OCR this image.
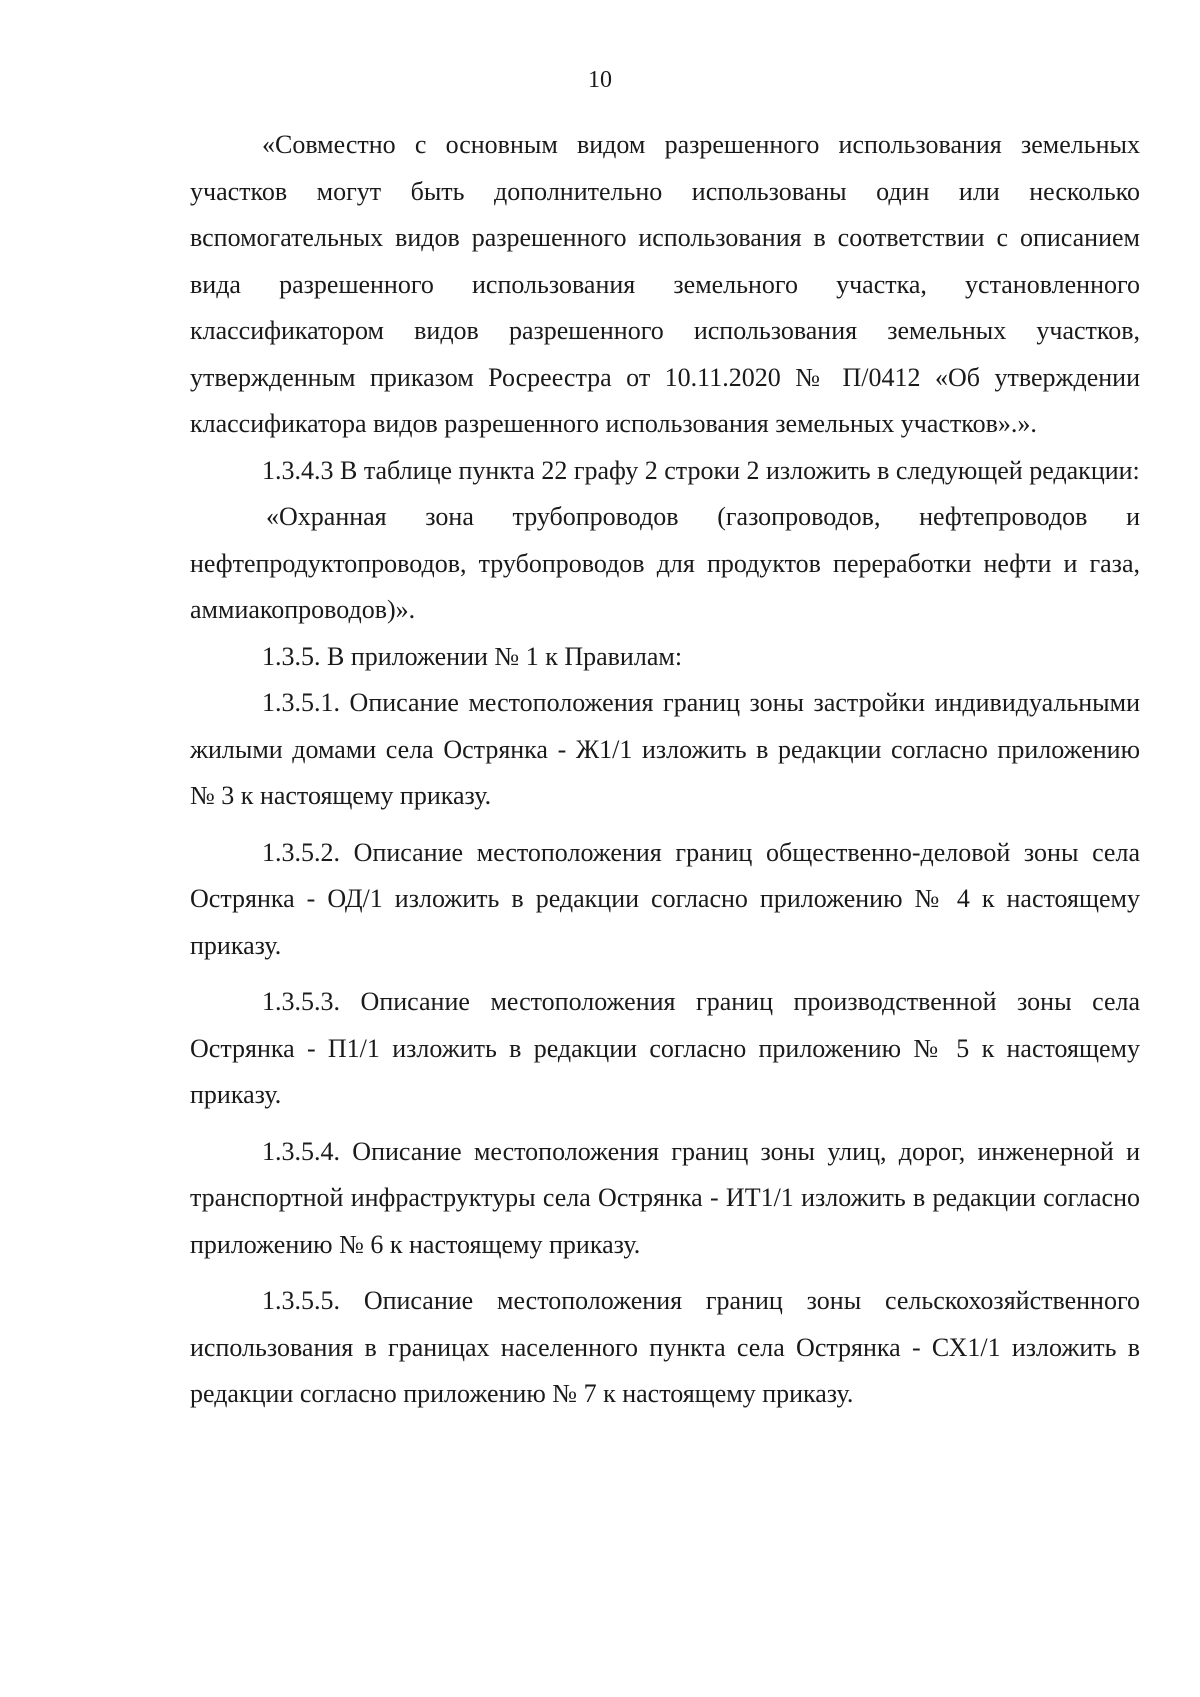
10

«Совместно с основным видом разрешенного использования земельных участков могут быть дополнительно использованы один или несколько вспомогательных видов разрешенного использования в соответствии с описанием вида разрешенного использования земельного участка, установленного классификатором видов разрешенного использования земельных участков, утвержденным приказом Росреестра от 10.11.2020 № П/0412 «Об утверждении классификатора видов разрешенного использования земельных участков».».

1.3.4.3 В таблице пункта 22 графу 2 строки 2 изложить в следующей редакции:

«Охранная зона трубопроводов (газопроводов, нефтепроводов и нефтепродуктопроводов, трубопроводов для продуктов переработки нефти и газа, аммиакопроводов)».

1.3.5. В приложении № 1 к Правилам:

1.3.5.1. Описание местоположения границ зоны застройки индивидуальными жилыми домами села Острянка - Ж1/1 изложить в редакции согласно приложению № 3 к настоящему приказу.

1.3.5.2. Описание местоположения границ общественно-деловой зоны села Острянка - ОД/1 изложить в редакции согласно приложению № 4 к настоящему приказу.

1.3.5.3. Описание местоположения границ производственной зоны села Острянка - П1/1 изложить в редакции согласно приложению № 5 к настоящему приказу.

1.3.5.4. Описание местоположения границ зоны улиц, дорог, инженерной и транспортной инфраструктуры села Острянка - ИТ1/1 изложить в редакции согласно приложению № 6 к настоящему приказу.

1.3.5.5. Описание местоположения границ зоны сельскохозяйственного использования в границах населенного пункта села Острянка - СХ1/1 изложить в редакции согласно приложению № 7 к настоящему приказу.
